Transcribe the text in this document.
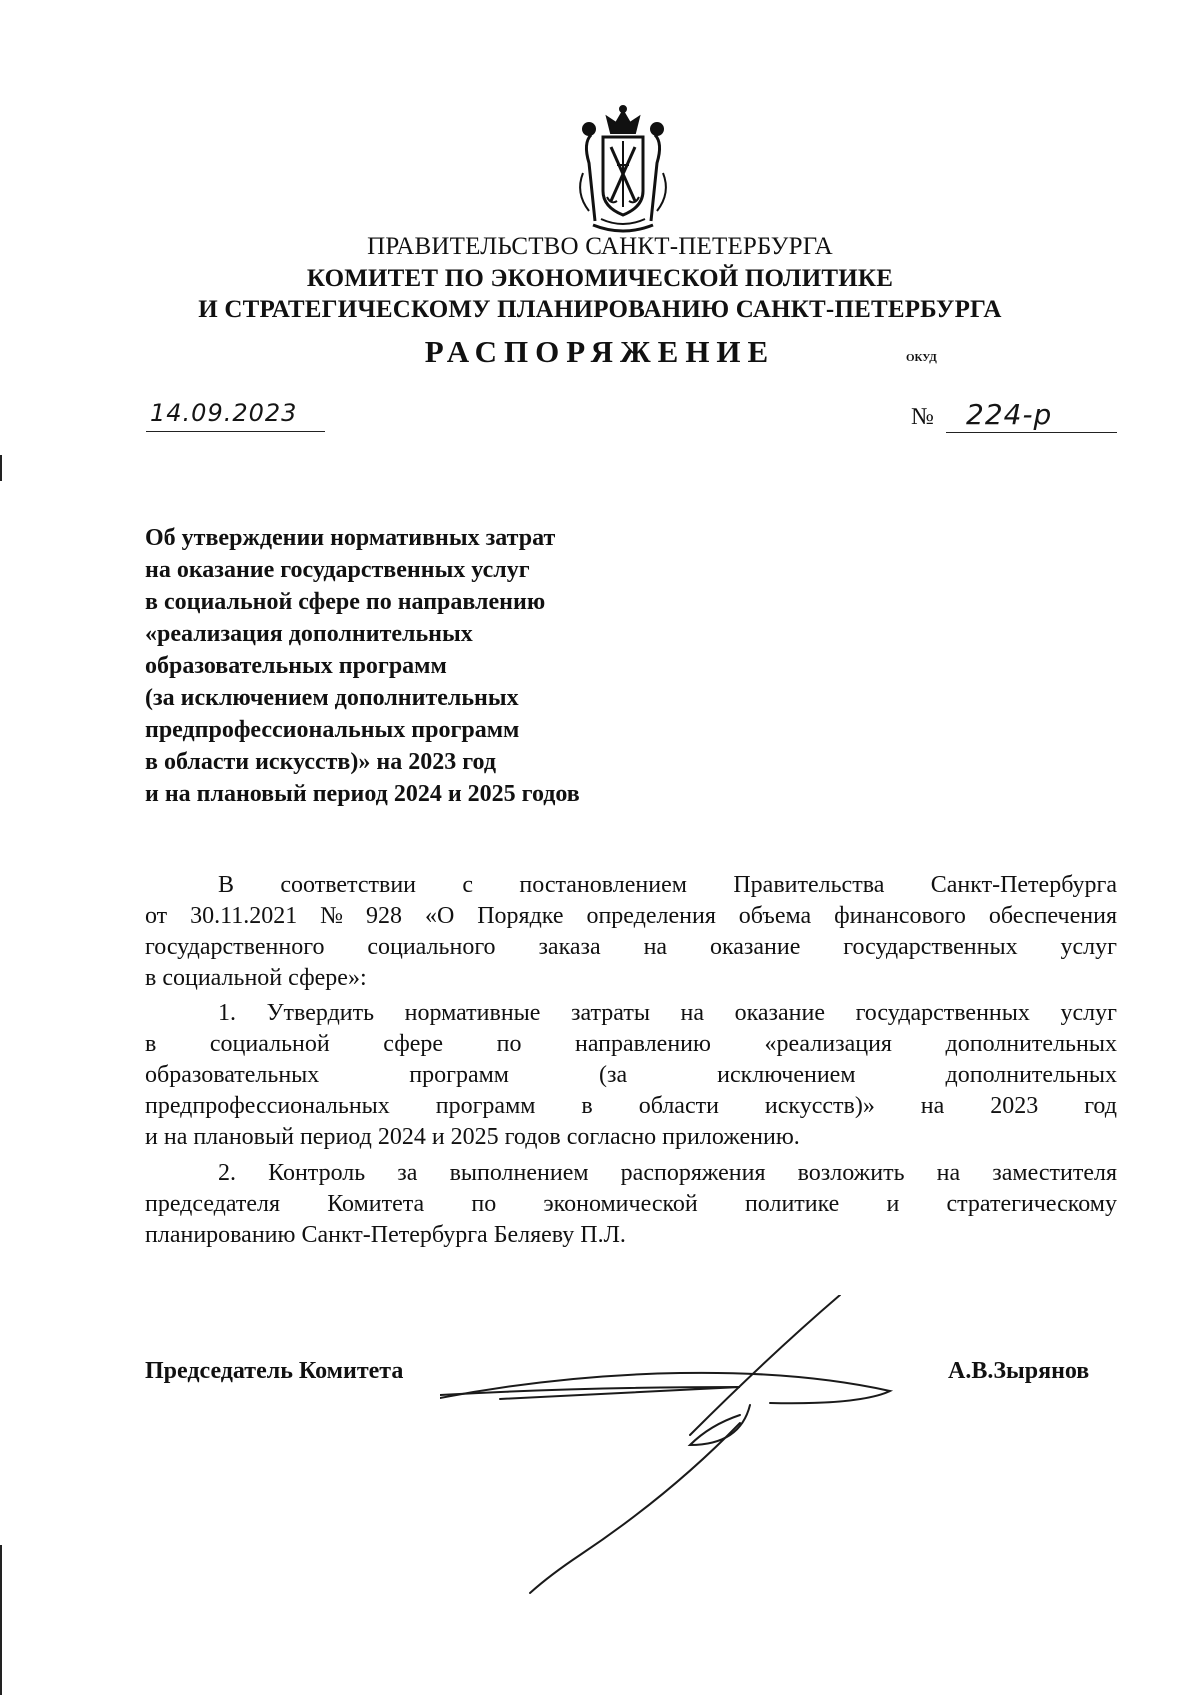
ПРАВИТЕЛЬСТВО САНКТ-ПЕТЕРБУРГА
КОМИТЕТ ПО ЭКОНОМИЧЕСКОЙ ПОЛИТИКЕ
И СТРАТЕГИЧЕСКОМУ ПЛАНИРОВАНИЮ САНКТ-ПЕТЕРБУРГА
РАСПОРЯЖЕНИЕ	ОКУД
14.09.2023	№ 224-р
Об утверждении нормативных затрат
на оказание государственных услуг
в социальной сфере по направлению
«реализация дополнительных
образовательных программ
(за исключением дополнительных
предпрофессиональных программ
в области искусств)» на 2023 год
и на плановый период 2024 и 2025 годов
В соответствии с постановлением Правительства Санкт-Петербурга
от 30.11.2021 № 928 «О Порядке определения объема финансового обеспечения
государственного социального заказа на оказание государственных услуг
в социальной сфере»:
1. Утвердить нормативные затраты на оказание государственных услуг
в социальной сфере по направлению «реализация дополнительных
образовательных	программ	(за	исключением	дополнительных
предпрофессиональных программ в области искусств)» на 2023 год
и на плановый период 2024 и 2025 годов согласно приложению.
2. Контроль за выполнением распоряжения возложить на заместителя
председателя Комитета по экономической политике и стратегическому
планированию Санкт-Петербурга Беляеву П.Л.
Председатель Комитета	А.В.Зырянов
